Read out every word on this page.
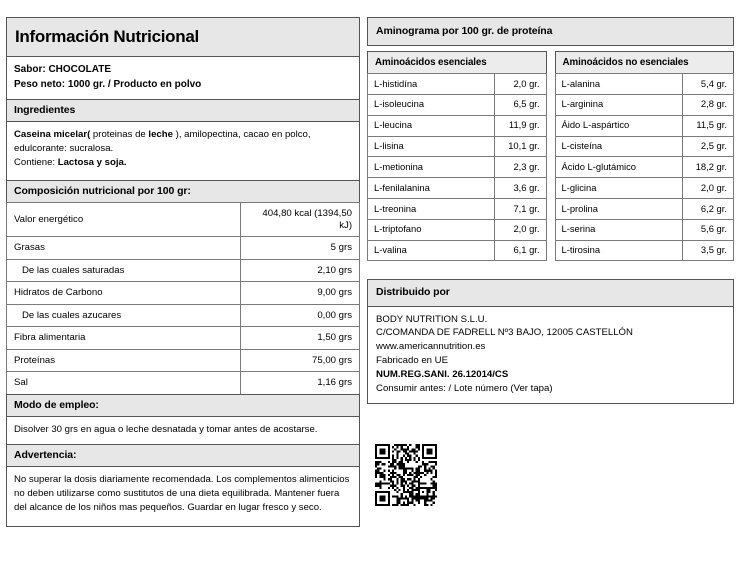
Información Nutricional
Sabor: CHOCOLATE
Peso neto: 1000 gr. / Producto en polvo
Ingredientes
Caseina micelar( proteinas de leche ), amilopectina, cacao en polco, edulcorante: sucralosa.
Contiene: Lactosa y soja.
Composición nutricional por 100 gr:
Valor energético	404,80 kcal (1394,50 kJ)
Grasas	5 grs
De las cuales saturadas	2,10 grs
Hidratos de Carbono	9,00 grs
De las cuales azucares	0,00 grs
Fibra alimentaria	1,50 grs
Proteínas	75,00 grs
Sal	1,16 grs
Modo de empleo:
Disolver 30 grs en agua o leche desnatada y tomar antes de acostarse.
Advertencia:
No superar la dosis diariamente recomendada. Los complementos alimenticios no deben utilizarse como sustitutos de una dieta equilibrada. Mantener fuera del alcance de los niños mas pequeños. Guardar en lugar fresco y seco.
Aminograma por 100 gr. de proteína
Aminoácidos esenciales
L-histidína	2,0 gr.
L-isoleucina	6,5 gr.
L-leucina	11,9 gr.
L-lisina	10,1 gr.
L-metionina	2,3 gr.
L-fenilalanina	3,6 gr.
L-treonina	7,1 gr.
L-triptofano	2,0 gr.
L-valina	6,1 gr.
Aminoácidos no esenciales
L-alanina	5,4 gr.
L-arginina	2,8 gr.
Áido L-aspártico	11,5 gr.
L-cisteína	2,5 gr.
Ácido L-glutámico	18,2 gr.
L-glicina	2,0 gr.
L-prolina	6,2 gr.
L-serina	5,6 gr.
L-tirosina	3,5 gr.
Distribuido por
BODY NUTRITION S.L.U.
C/COMANDA DE FADRELL Nº3 BAJO, 12005 CASTELLÓN
www.americannutrition.es
Fabricado en UE
NUM.REG.SANI. 26.12014/CS
Consumir antes: / Lote número (Ver tapa)
